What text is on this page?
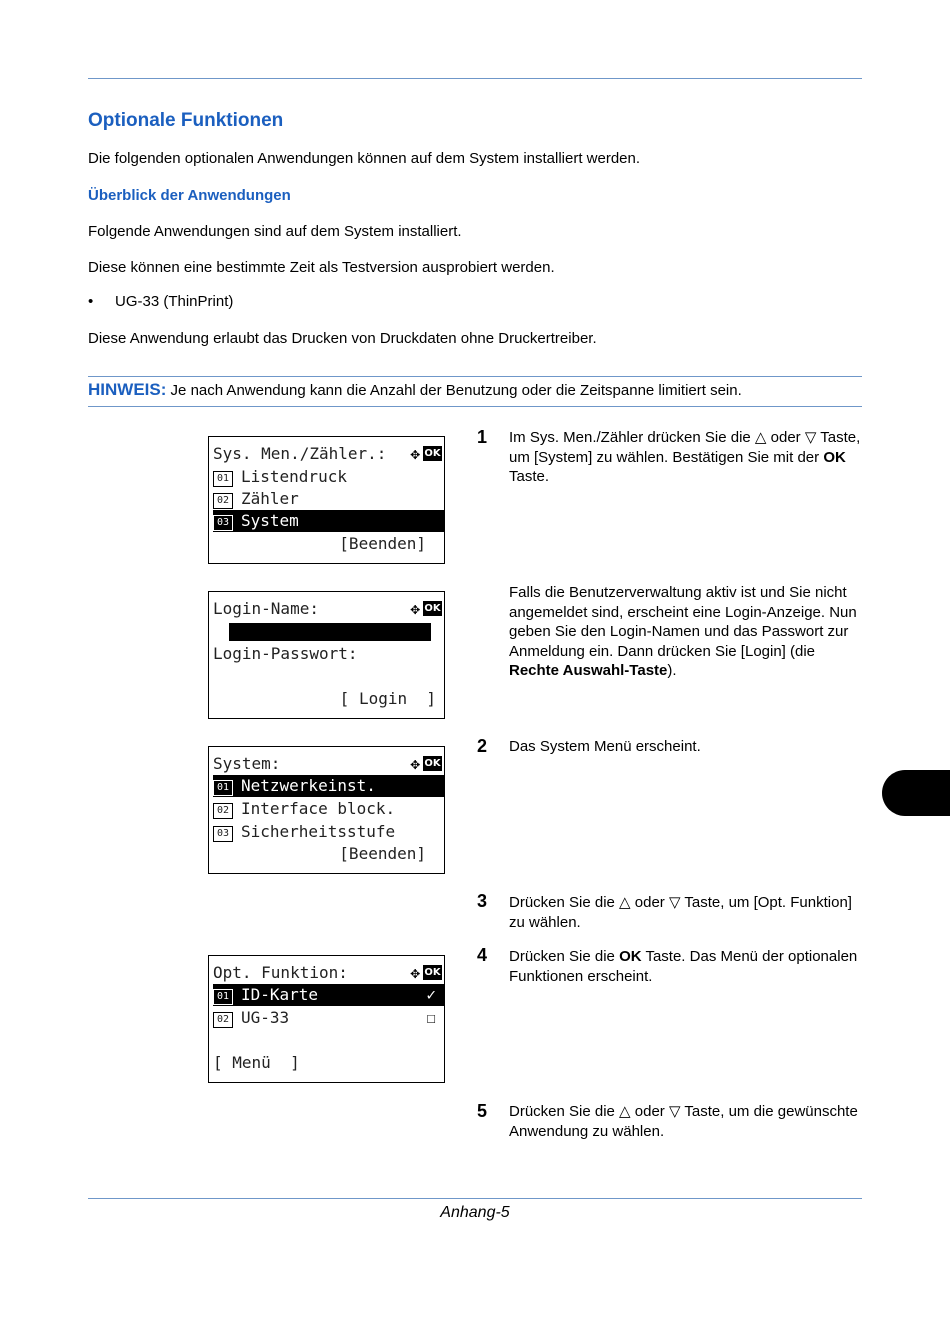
Optionale Funktionen
Die folgenden optionalen Anwendungen können auf dem System installiert werden.
Überblick der Anwendungen
Folgende Anwendungen sind auf dem System installiert.
Diese können eine bestimmte Zeit als Testversion ausprobiert werden.
• UG-33 (ThinPrint)
Diese Anwendung erlaubt das Drucken von Druckdaten ohne Druckertreiber.
HINWEIS: Je nach Anwendung kann die Anzahl der Benutzung oder die Zeitspanne limitiert sein.
Sys. Men./Zähler.: ✥ OK
01 Listendruck
02 Zähler
03 System
[Beenden]
Login-Name:	✥ OK
Login-Passwort:
[ Login  ]
System:	✥ OK
01 Netzwerkeinst.
02 Interface block.
03 Sicherheitsstufe
[Beenden]
Opt. Funktion:	✥ OK
01 ID-Karte	✓
02 UG-33	☐
[ Menü  ]
1 Im Sys. Men./Zähler drücken Sie die △ oder ▽ Taste, um [System] zu wählen. Bestätigen Sie mit der OK Taste.
Falls die Benutzerverwaltung aktiv ist und Sie nicht angemeldet sind, erscheint eine Login-Anzeige. Nun geben Sie den Login-Namen und das Passwort zur Anmeldung ein. Dann drücken Sie [Login] (die Rechte Auswahl-Taste).
2 Das System Menü erscheint.
3 Drücken Sie die △ oder ▽ Taste, um [Opt. Funktion] zu wählen.
4 Drücken Sie die OK Taste. Das Menü der optionalen Funktionen erscheint.
5 Drücken Sie die △ oder ▽ Taste, um die gewünschte Anwendung zu wählen.
Anhang-5
